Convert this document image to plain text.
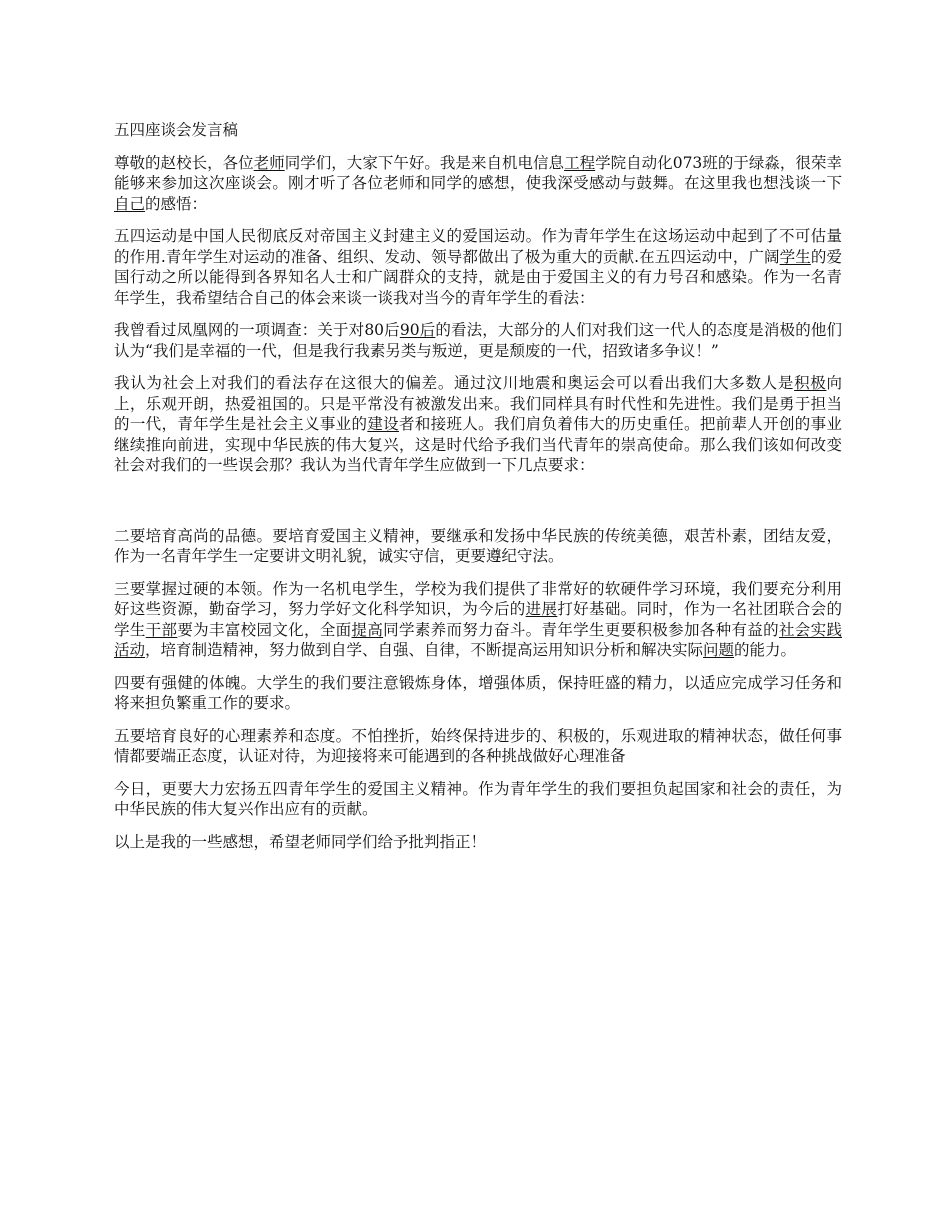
五四座谈会发言稿

尊敬的赵校长，各位老师同学们，大家下午好。我是来自机电信息工程学院自动化073班的于绿淼，很荣幸能够来参加这次座谈会。刚才听了各位老师和同学的感想，使我深受感动与鼓舞。在这里我也想浅谈一下自己的感悟：

五四运动是中国人民彻底反对帝国主义封建主义的爱国运动。作为青年学生在这场运动中起到了不可估量的作用.青年学生对运动的准备、组织、发动、领导都做出了极为重大的贡献.在五四运动中，广阔学生的爱国行动之所以能得到各界知名人士和广阔群众的支持，就是由于爱国主义的有力号召和感染。作为一名青年学生，我希望结合自己的体会来谈一谈我对当今的青年学生的看法：

我曾看过凤凰网的一项调查：关于对80后90后的看法，大部分的人们对我们这一代人的态度是消极的他们认为“我们是幸福的一代，但是我行我素另类与叛逆，更是颓废的一代，招致诸多争议！”

我认为社会上对我们的看法存在这很大的偏差。通过汶川地震和奥运会可以看出我们大多数人是积极向上，乐观开朗，热爱祖国的。只是平常没有被激发出来。我们同样具有时代性和先进性。我们是勇于担当的一代，青年学生是社会主义事业的建设者和接班人。我们肩负着伟大的历史重任。把前辈人开创的事业继续推向前进，实现中华民族的伟大复兴，这是时代给予我们当代青年的崇高使命。那么我们该如何改变社会对我们的一些误会那？我认为当代青年学生应做到一下几点要求：

二要培育高尚的品德。要培育爱国主义精神，要继承和发扬中华民族的传统美德，艰苦朴素，团结友爱，作为一名青年学生一定要讲文明礼貌，诚实守信，更要遵纪守法。

三要掌握过硬的本领。作为一名机电学生，学校为我们提供了非常好的软硬件学习环境，我们要充分利用好这些资源，勤奋学习，努力学好文化科学知识，为今后的进展打好基础。同时，作为一名社团联合会的学生干部要为丰富校园文化，全面提高同学素养而努力奋斗。青年学生更要积极参加各种有益的社会实践活动，培育制造精神，努力做到自学、自强、自律，不断提高运用知识分析和解决实际问题的能力。

四要有强健的体魄。大学生的我们要注意锻炼身体，增强体质，保持旺盛的精力，以适应完成学习任务和将来担负繁重工作的要求。

五要培育良好的心理素养和态度。不怕挫折，始终保持进步的、积极的，乐观进取的精神状态，做任何事情都要端正态度，认证对待，为迎接将来可能遇到的各种挑战做好心理准备

今日，更要大力宏扬五四青年学生的爱国主义精神。作为青年学生的我们要担负起国家和社会的责任，为中华民族的伟大复兴作出应有的贡献。

以上是我的一些感想，希望老师同学们给予批判指正！
